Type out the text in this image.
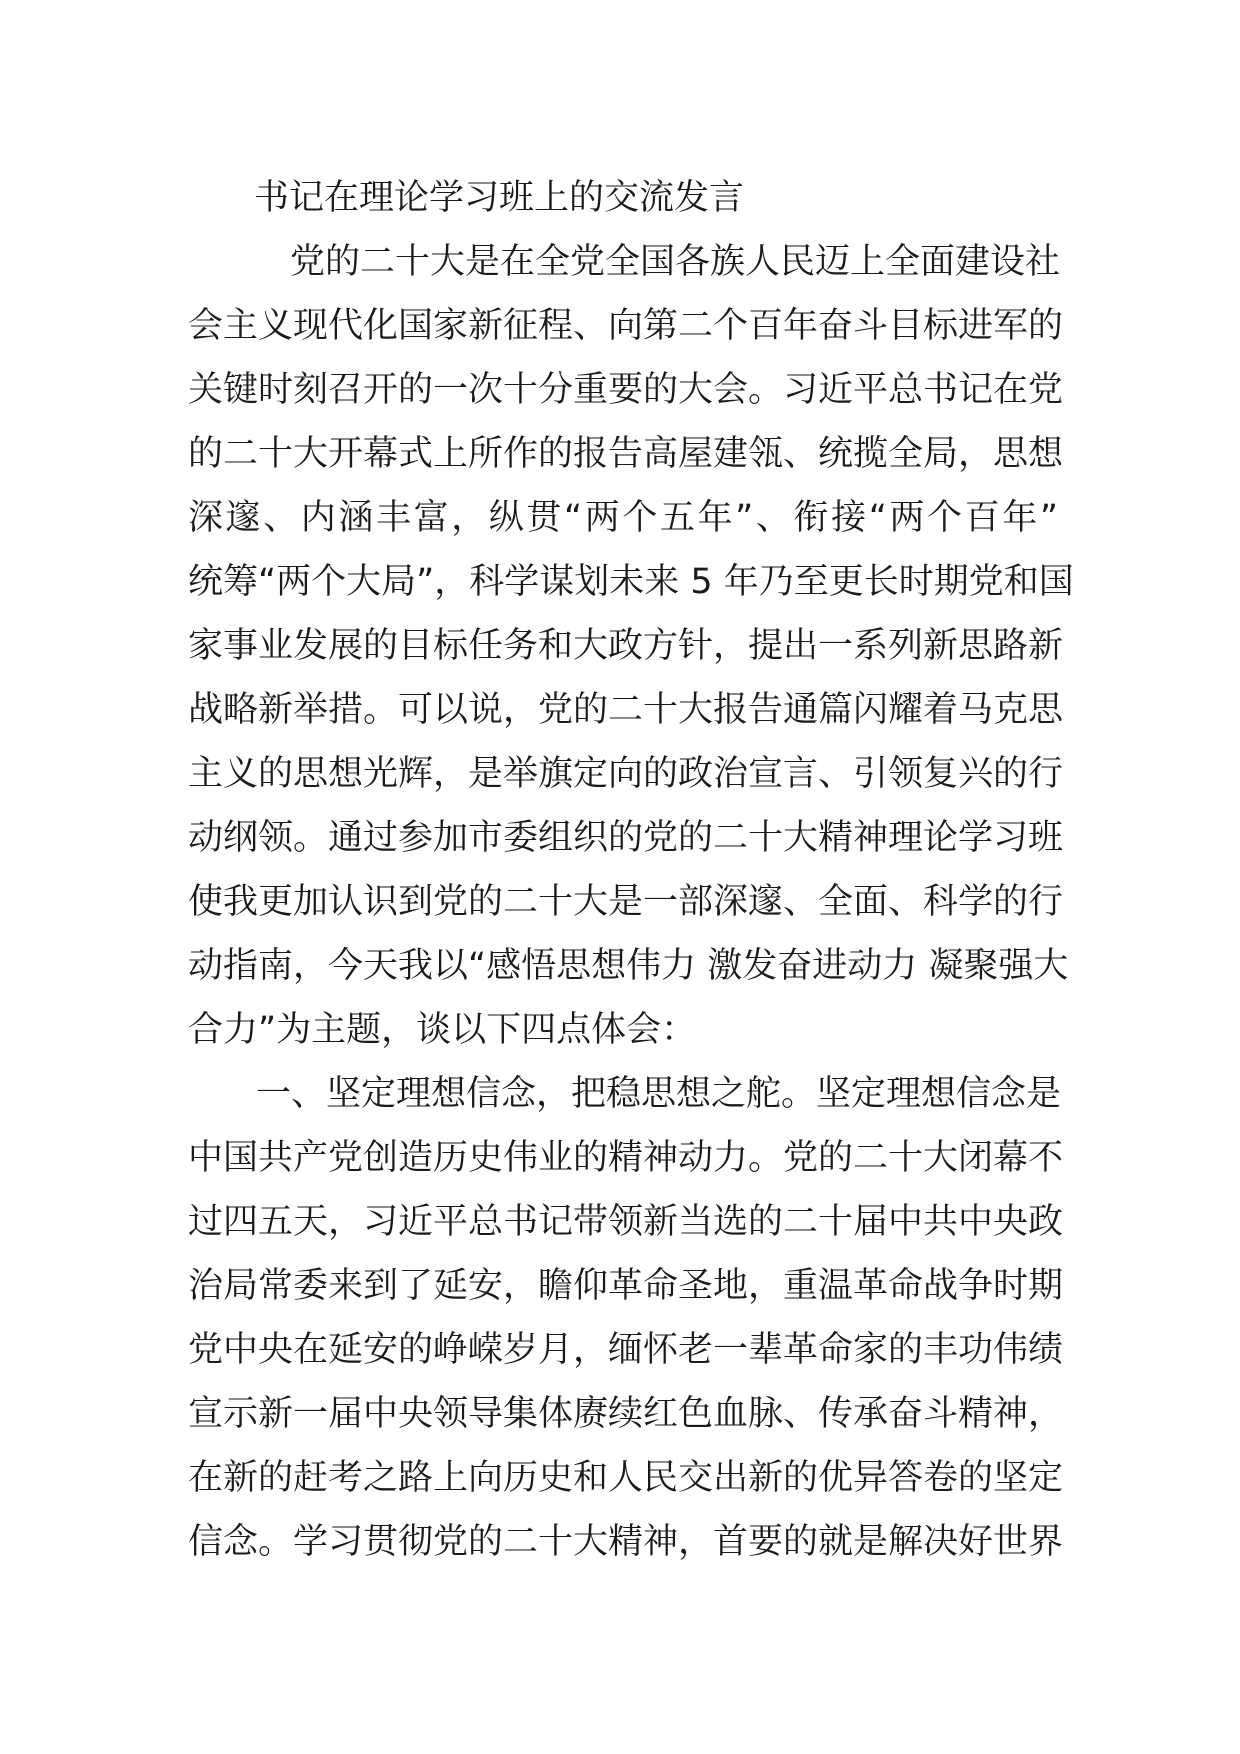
书记在理论学习班上的交流发言

党的二十大是在全党全国各族人民迈上全面建设社

会主义现代化国家新征程、向第二个百年奋斗目标进军的

关键时刻召开的一次十分重要的大会。习近平总书记在党

的二十大开幕式上所作的报告高屋建瓴、统揽全局，思想

深邃、内涵丰富，纵贯“两个五年”、衔接“两个百年”

统筹“两个大局”，科学谋划未来 5 年乃至更长时期党和国

家事业发展的目标任务和大政方针，提出一系列新思路新

战略新举措。可以说，党的二十大报告通篇闪耀着马克思

主义的思想光辉，是举旗定向的政治宣言、引领复兴的行

动纲领。通过参加市委组织的党的二十大精神理论学习班

使我更加认识到党的二十大是一部深邃、全面、科学的行

动指南，今天我以“感悟思想伟力 激发奋进动力 凝聚强大

合力”为主题，谈以下四点体会：

一、坚定理想信念，把稳思想之舵。坚定理想信念是

中国共产党创造历史伟业的精神动力。党的二十大闭幕不

过四五天，习近平总书记带领新当选的二十届中共中央政

治局常委来到了延安，瞻仰革命圣地，重温革命战争时期

党中央在延安的峥嵘岁月，缅怀老一辈革命家的丰功伟绩

宣示新一届中央领导集体赓续红色血脉、传承奋斗精神，

在新的赶考之路上向历史和人民交出新的优异答卷的坚定

信念。学习贯彻党的二十大精神，首要的就是解决好世界
